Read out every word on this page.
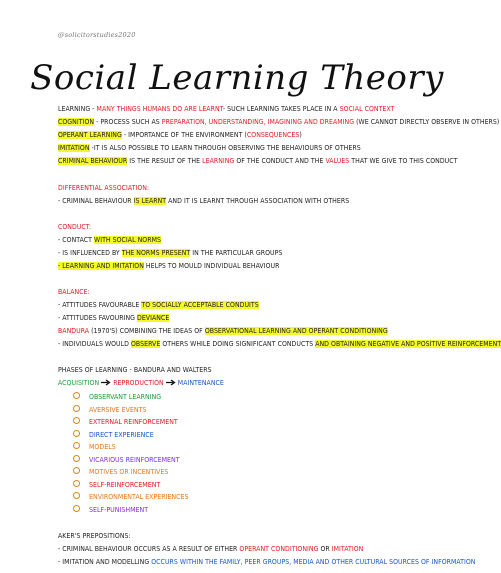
@solicitorstudies2020
Social Learning Theory
LEARNING - MANY THINGS HUMANS DO ARE LEARNT- SUCH LEARNING TAKES PLACE IN A SOCIAL CONTEXT
COGNITION - PROCESS SUCH AS PREPARATION, UNDERSTANDING, IMAGINING AND DREAMING (WE CANNOT DIRECTLY OBSERVE IN OTHERS)
OPERANT LEARNING - IMPORTANCE OF THE ENVIRONMENT (CONSEQUENCES)
IMITATION -IT IS ALSO POSSIBLE TO LEARN THROUGH OBSERVING THE BEHAVIOURS OF OTHERS
CRIMINAL BEHAVIOUR IS THE RESULT OF THE LEARNING OF THE CONDUCT AND THE VALUES THAT WE GIVE TO THIS CONDUCT
DIFFERENTIAL ASSOCIATION:
- CRIMINAL BEHAVIOUR IS LEARNT AND IT IS LEARNT THROUGH ASSOCIATION WITH OTHERS
CONDUCT:
- CONTACT WITH SOCIAL NORMS
- IS INFLUENCED BY THE NORMS PRESENT IN THE PARTICULAR GROUPS
- LEARNING AND IMITATION HELPS TO MOULD INDIVIDUAL BEHAVIOUR
BALANCE:
- ATTITUDES FAVOURABLE TO SOCIALLY ACCEPTABLE CONDUITS
- ATTITUDES FAVOURING DEVIANCE
BANDURA (1970'S) COMBINING THE IDEAS OF OBSERVATIONAL LEARNING AND OPERANT CONDITIONING
- INDIVIDUALS WOULD OBSERVE OTHERS WHILE DOING SIGNIFICANT CONDUCTS AND OBTAINING NEGATIVE AND POSITIVE REINFORCEMENT
PHASES OF LEARNING - BANDURA AND WALTERS
ACQUISITION REPRODUCTION MAINTENANCE
OBSERVANT LEARNING
AVERSIVE EVENTS
EXTERNAL REINFORCEMENT
DIRECT EXPERIENCE
MODELS
VICARIOUS REINFORCEMENT
MOTIVES OR INCENTIVES
SELF-REINFORCEMENT
ENVIRONMENTAL EXPERIENCES
SELF-PUNISHMENT
AKER'S PREPOSITIONS:
- CRIMINAL BEHAVIOUR OCCURS AS A RESULT OF EITHER OPERANT CONDITIONING OR IMITATION
- IMITATION AND MODELLING OCCURS WITHIN THE FAMILY, PEER GROUPS, MEDIA AND OTHER CULTURAL SOURCES OF INFORMATION
